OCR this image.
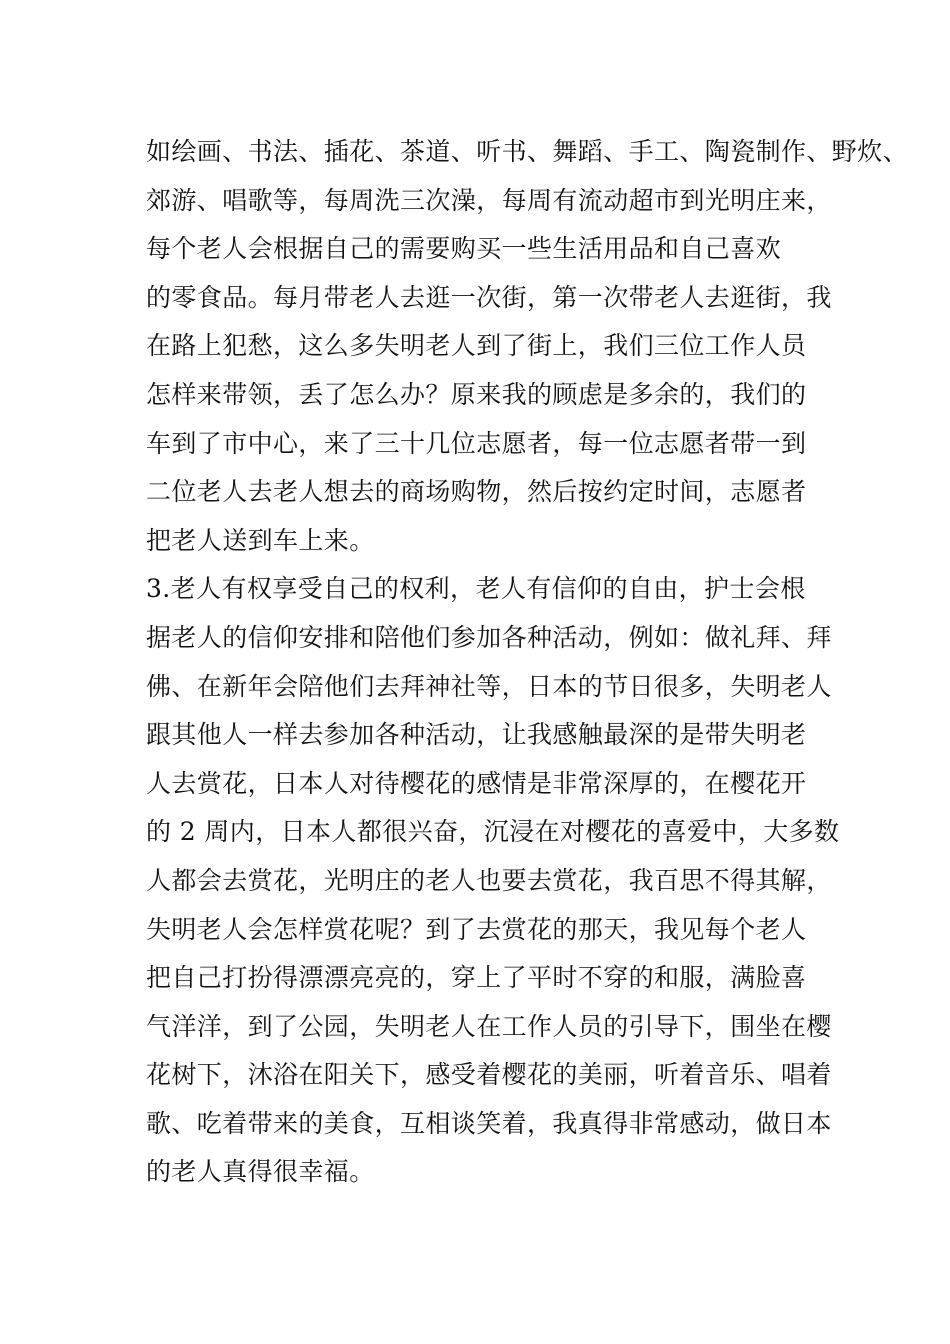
如绘画、书法、插花、茶道、听书、舞蹈、手工、陶瓷制作、野炊、
郊游、唱歌等，每周洗三次澡，每周有流动超市到光明庄来，
每个老人会根据自己的需要购买一些生活用品和自己喜欢
的零食品。每月带老人去逛一次街，第一次带老人去逛街，我
在路上犯愁，这么多失明老人到了街上，我们三位工作人员
怎样来带领，丢了怎么办？原来我的顾虑是多余的，我们的
车到了市中心，来了三十几位志愿者，每一位志愿者带一到
二位老人去老人想去的商场购物，然后按约定时间，志愿者
把老人送到车上来。
3.老人有权享受自己的权利，老人有信仰的自由，护士会根
据老人的信仰安排和陪他们参加各种活动，例如：做礼拜、拜
佛、在新年会陪他们去拜神社等，日本的节日很多，失明老人
跟其他人一样去参加各种活动，让我感触最深的是带失明老
人去赏花，日本人对待樱花的感情是非常深厚的，在樱花开
的 2 周内，日本人都很兴奋，沉浸在对樱花的喜爱中，大多数
人都会去赏花，光明庄的老人也要去赏花，我百思不得其解，
失明老人会怎样赏花呢？到了去赏花的那天，我见每个老人
把自己打扮得漂漂亮亮的，穿上了平时不穿的和服，满脸喜
气洋洋，到了公园，失明老人在工作人员的引导下，围坐在樱
花树下，沐浴在阳关下，感受着樱花的美丽，听着音乐、唱着
歌、吃着带来的美食，互相谈笑着，我真得非常感动，做日本
的老人真得很幸福。
